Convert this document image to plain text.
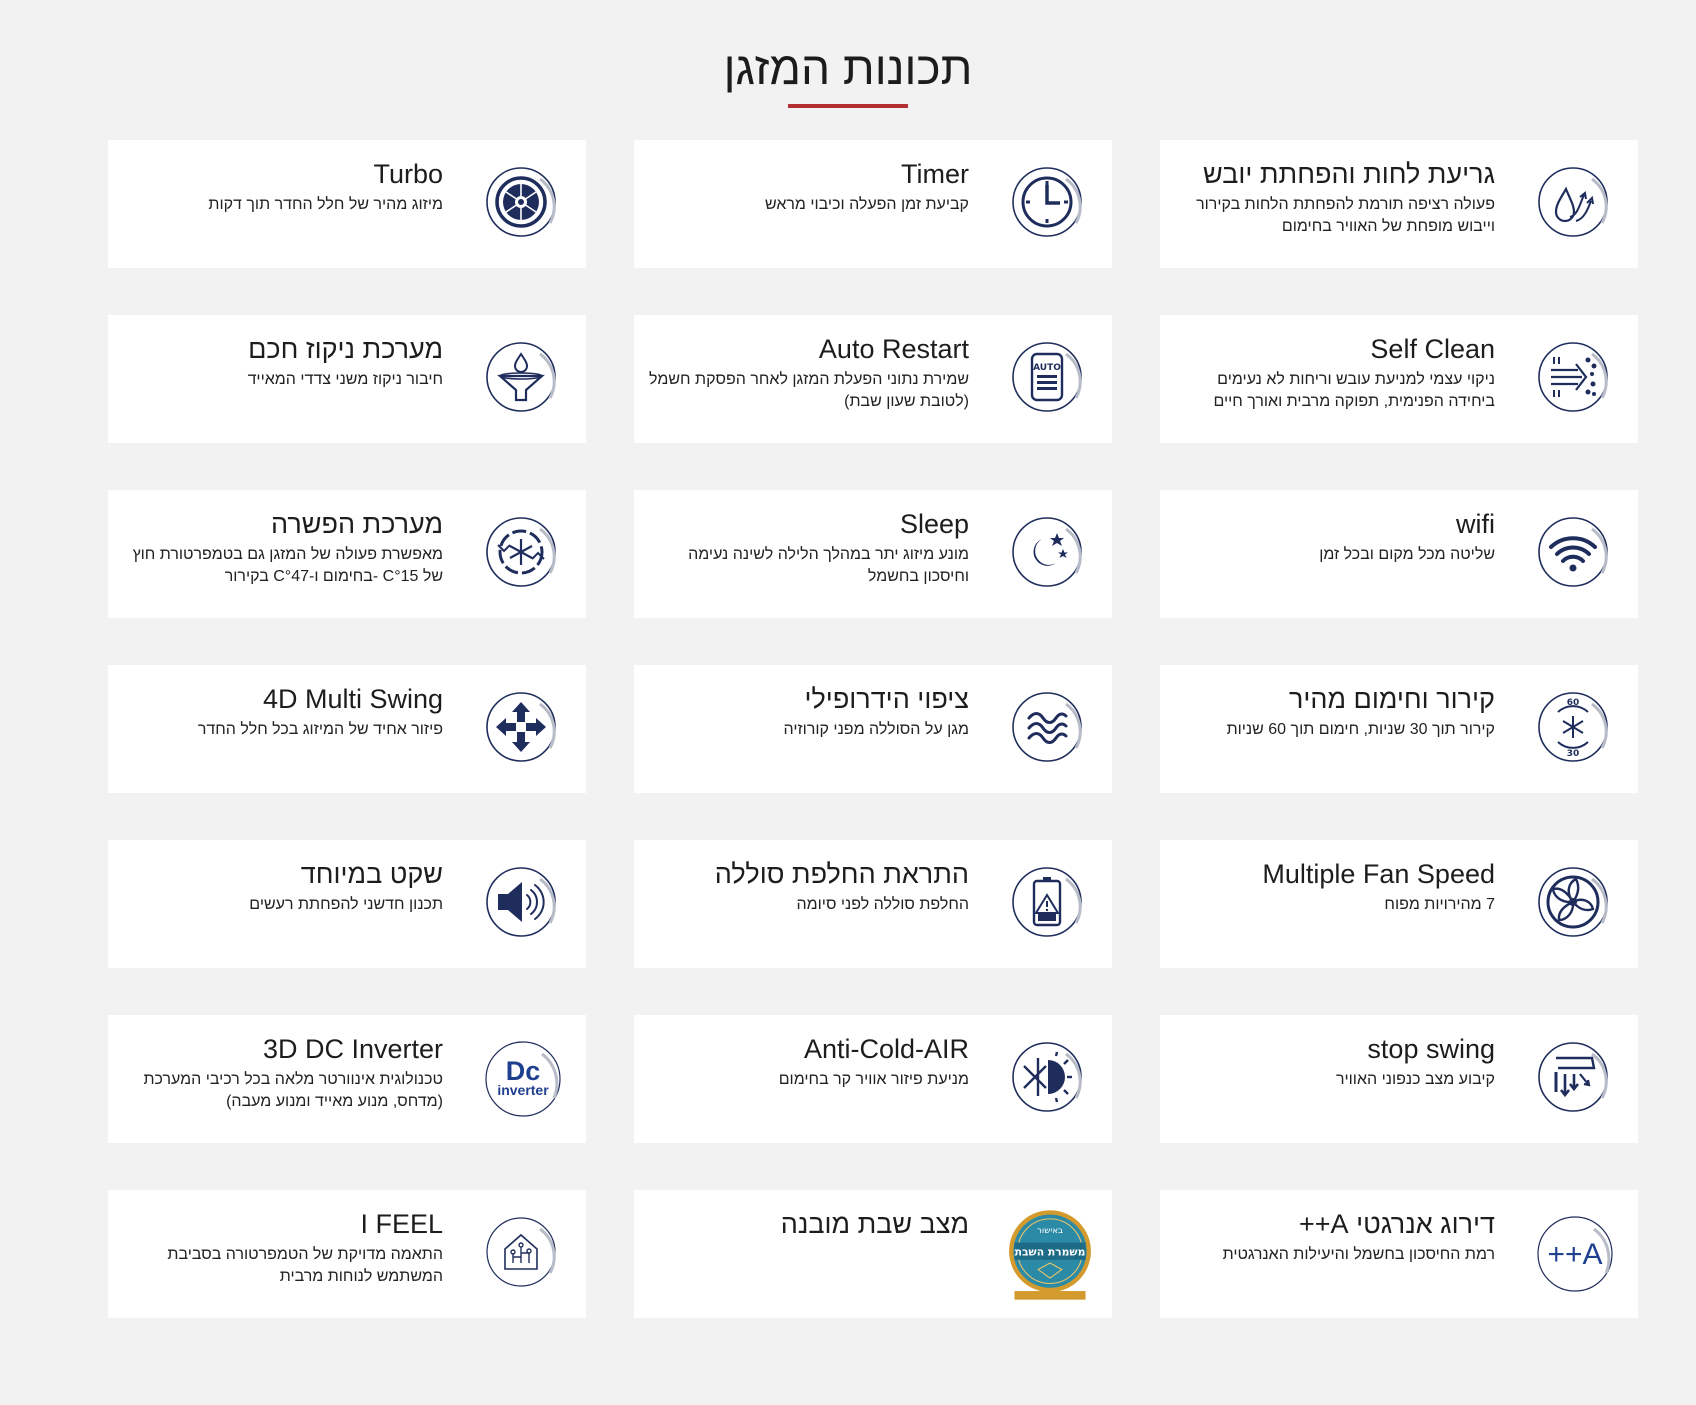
תכונות המזגן
גריעת לחות והפחתת יובש
פעולה רציפה תורמת להפחתת הלחות בקירור וייבוש מופחת של האוויר בחימום
Timer
קביעת זמן הפעלה וכיבוי מראש
Turbo
מיזוג מהיר של חלל החדר תוך דקות
Self Clean
ניקוי עצמי למניעת עובש וריחות לא נעימים ביחידה הפנימית, תפוקה מרבית ואורך חיים
AUTO
Auto Restart
שמירת נתוני הפעלת המזגן לאחר הפסקת חשמל (לטובת שעון שבת)
מערכת ניקוז חכם
חיבור ניקוז משני צדדי המאייד
wifi
שליטה מכל מקום ובכל זמן
Sleep
מונע מיזוג יתר במהלך הלילה לשינה נעימה וחיסכון בחשמל
מערכת הפשרה
מאפשרת פעולה של המזגן גם בטמפרטורת חוץ של C°15 -בחימום ו-C°47 בקירור
60
30
קירור וחימום מהיר
קירור תוך 30 שניות, חימום תוך 60 שניות
ציפוי הידרופילי
מגן על הסוללה מפני קורוזיה
4D Multi Swing
פיזור אחיד של המיזוג בכל חלל החדר
Multiple Fan Speed
7 מהירויות מפוח
התראת החלפת סוללה
החלפת סוללה לפני סיומה
שקט במיוחד
תכנון חדשני להפחתת רעשים
stop swing
קיבוע מצב כנפוני האוויר
Anti-Cold-AIR
מניעת פיזור אוויר קר בחימום
Dc
inverter
3D DC Inverter
טכנולוגית אינוורטר מלאה בכל רכיבי המערכת (מדחס, מנוע מאייד ומנוע מעבה)
A++
דירוג אנרגטי A++
רמת החיסכון בחשמל והיעילות האנרגטית
באישור
משמרת השבת
מצב שבת מובנה
I FEEL
התאמה מדויקת של הטמפרטורה בסביבת המשתמש לנוחות מרבית
